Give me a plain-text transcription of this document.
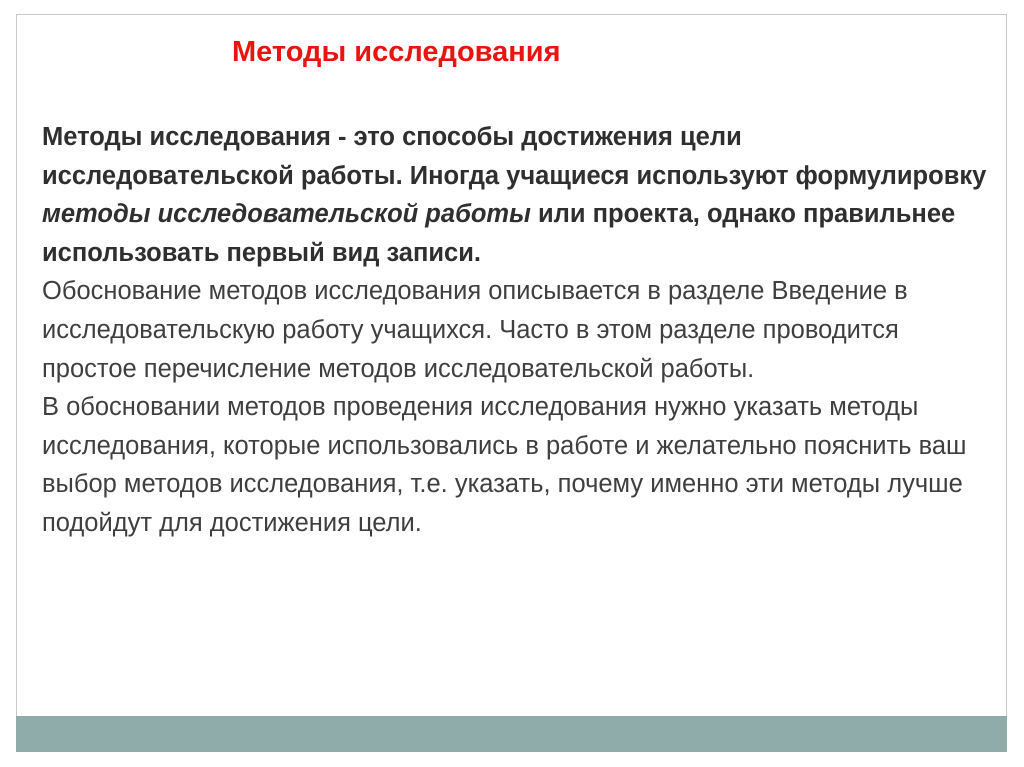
Методы исследования

Методы исследования - это способы достижения цели исследовательской работы. Иногда учащиеся используют формулировку методы исследовательской работы или проекта, однако правильнее использовать первый вид записи.

Обоснование методов исследования описывается в разделе Введение в исследовательскую работу учащихся. Часто в этом разделе проводится простое перечисление методов исследовательской работы.

В обосновании методов проведения исследования нужно указать методы исследования, которые использовались в работе и желательно пояснить ваш выбор методов исследования, т.е. указать, почему именно эти методы лучше подойдут для достижения цели.
